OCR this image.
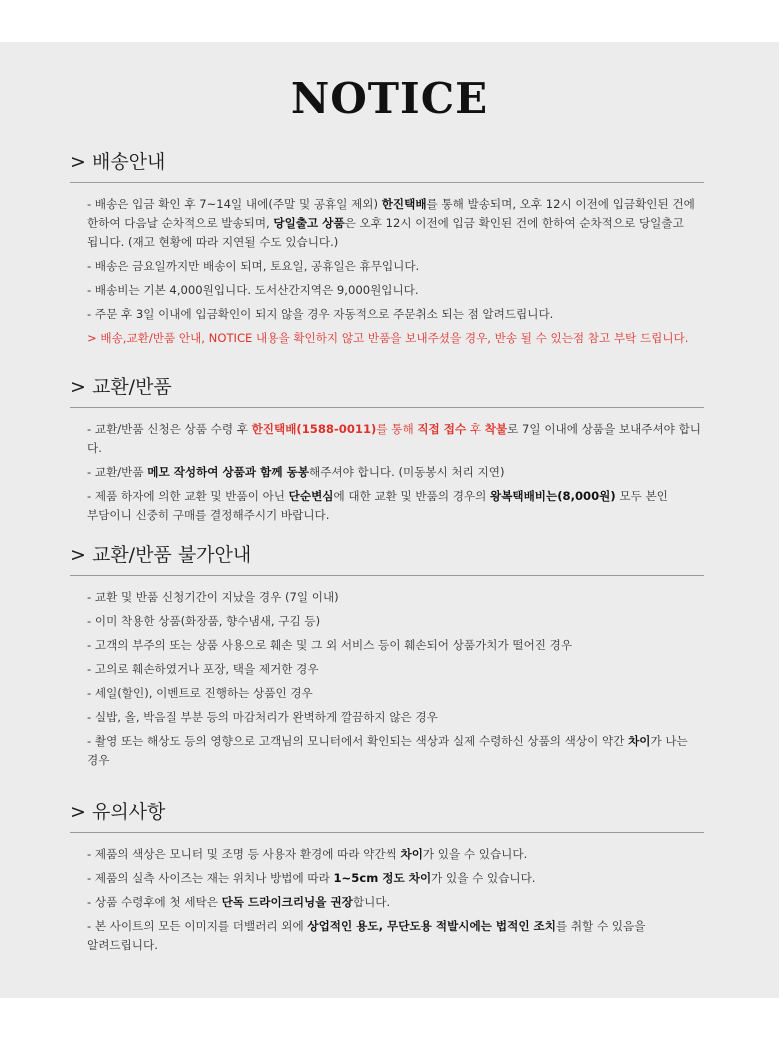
NOTICE
> 배송안내
- 배송은 입금 확인 후 7~14일 내에(주말 및 공휴일 제외) 한진택배를 통해 발송되며, 오후 12시 이전에 입금확인된 건에
한하여 다음날 순차적으로 발송되며, 당일출고 상품은 오후 12시 이전에 입금 확인된 건에 한하여 순차적으로 당일출고
됩니다. (재고 현황에 따라 지연될 수도 있습니다.)
- 배송은 금요일까지만 배송이 되며, 토요일, 공휴일은 휴무입니다.
- 배송비는 기본 4,000원입니다. 도서산간지역은 9,000원입니다.
- 주문 후 3일 이내에 입금확인이 되지 않을 경우 자동적으로 주문취소 되는 점 알려드립니다.
> 배송,교환/반품 안내, NOTICE 내용을 확인하지 않고 반품을 보내주셨을 경우, 반송 될 수 있는점 참고 부탁 드립니다.
> 교환/반품
- 교환/반품 신청은 상품 수령 후 한진택배(1588-0011)를 통해 직접 접수 후 착불로 7일 이내에 상품을 보내주셔야 합니다.
- 교환/반품 메모 작성하여 상품과 함께 동봉해주셔야 합니다. (미동봉시 처리 지연)
- 제품 하자에 의한 교환 및 반품이 아닌 단순변심에 대한 교환 및 반품의 경우의 왕복택배비는(8,000원) 모두 본인
부담이니 신중히 구매를 결정해주시기 바랍니다.
> 교환/반품 불가안내
- 교환 및 반품 신청기간이 지났을 경우 (7일 이내)
- 이미 착용한 상품(화장품, 향수냄새, 구김 등)
- 고객의 부주의 또는 상품 사용으로 훼손 및 그 외 서비스 등이 훼손되어 상품가치가 떨어진 경우
- 고의로 훼손하였거나 포장, 택을 제거한 경우
- 세일(할인), 이벤트로 진행하는 상품인 경우
- 실밥, 올, 박음질 부분 등의 마감처리가 완벽하게 깔끔하지 않은 경우
- 촬영 또는 해상도 등의 영향으로 고객님의 모니터에서 확인되는 색상과 실제 수령하신 상품의 색상이 약간 차이가 나는
경우
> 유의사항
- 제품의 색상은 모니터 및 조명 등 사용자 환경에 따라 약간씩 차이가 있을 수 있습니다.
- 제품의 실측 사이즈는 재는 위치나 방법에 따라 1~5cm 정도 차이가 있을 수 있습니다.
- 상품 수령후에 첫 세탁은 단독 드라이크리닝을 권장합니다.
- 본 사이트의 모든 이미지를 더밸러리 외에 상업적인 용도, 무단도용 적발시에는 법적인 조치를 취할 수 있음을
알려드립니다.
